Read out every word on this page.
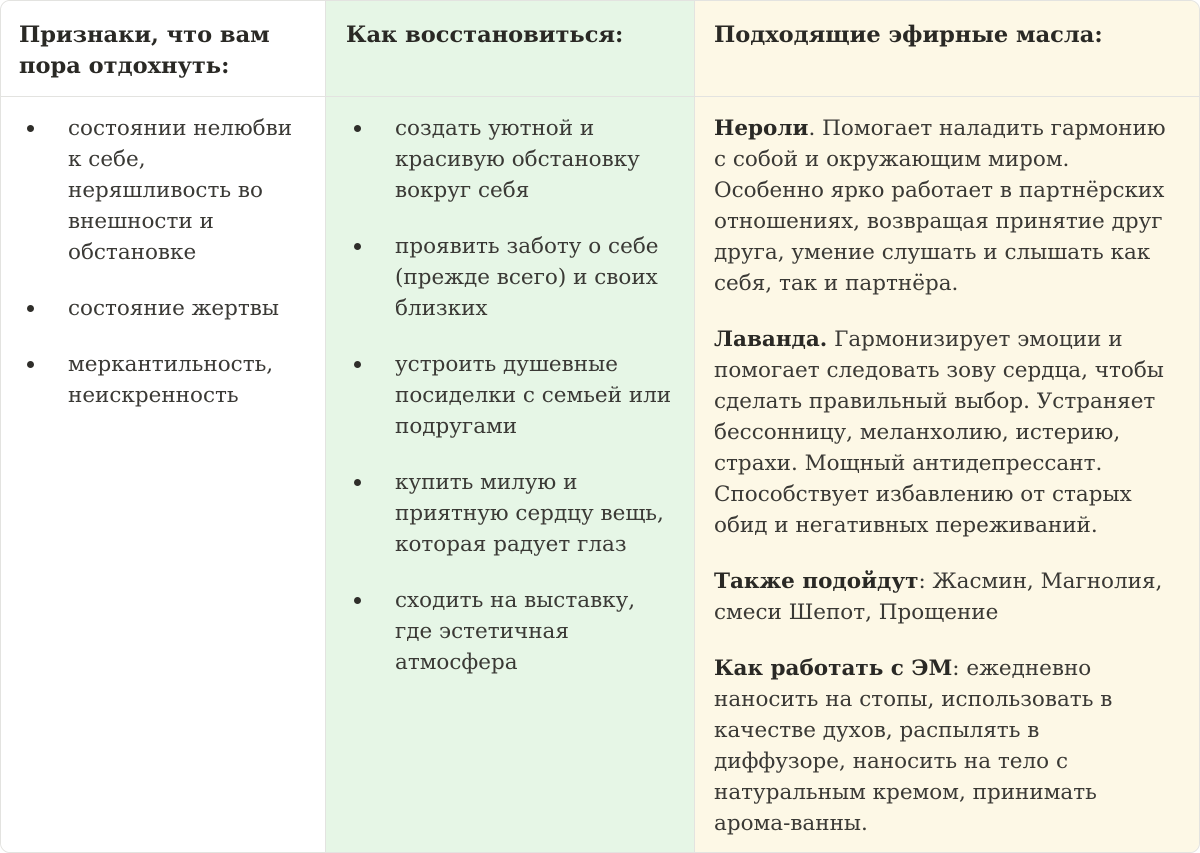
Признаки, что вам пора отдохнуть:
состоянии нелюбви к себе, неряшливость во внешности и обстановке
состояние жертвы
меркантильность, неискренность
Как восстановиться:
создать уютной и красивую обстановку вокруг себя
проявить заботу о себе (прежде всего) и своих близких
устроить душевные посиделки с семьей или подругами
купить милую и приятную сердцу вещь, которая радует глаз
сходить на выставку, где эстетичная атмосфера
Подходящие эфирные масла:

Нероли. Помогает наладить гармонию с собой и окружающим миром. Особенно ярко работает в партнёрских отношениях, возвращая принятие друг друга, умение слушать и слышать как себя, так и партнёра.

Лаванда. Гармонизирует эмоции и помогает следовать зову сердца, чтобы сделать правильный выбор. Устраняет бессонницу, меланхолию, истерию, страхи. Мощный антидепрессант. Способствует избавлению от старых обид и негативных переживаний.

Также подойдут: Жасмин, Магнолия, смеси Шепот, Прощение

Как работать с ЭМ: ежедневно наносить на стопы, использовать в качестве духов, распылять в диффузоре, наносить на тело с натуральным кремом, принимать арома-ванны.
